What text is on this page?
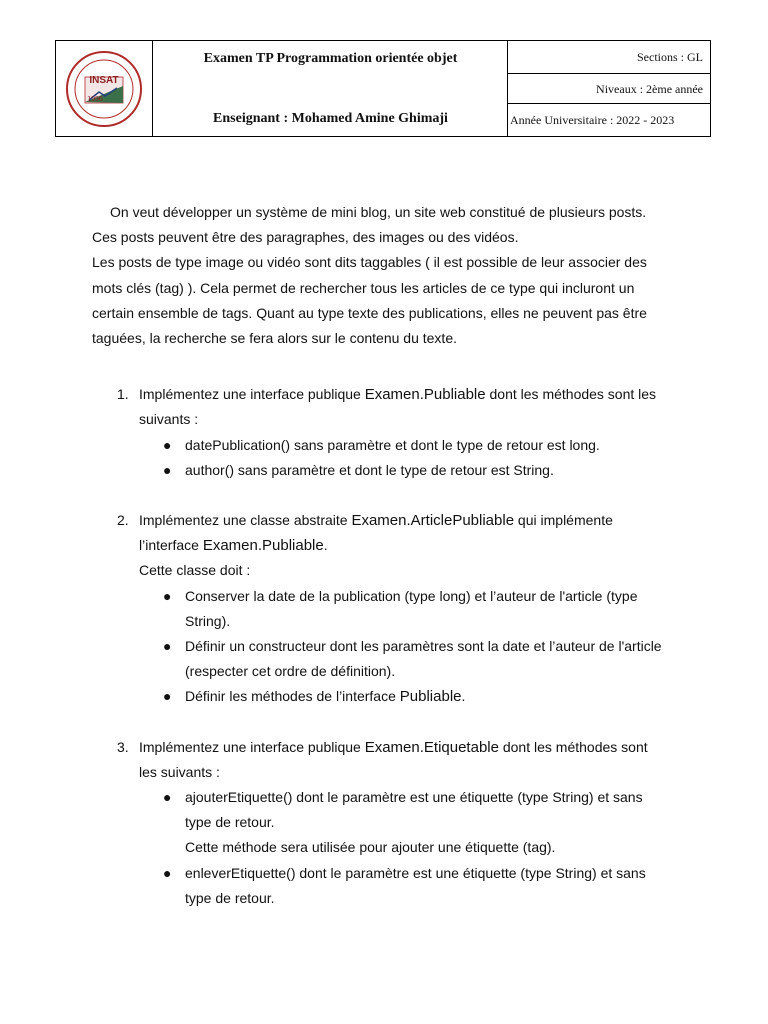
INSAT
1996
Examen TP Programmation orientée objet
Enseignant : Mohamed Amine Ghimaji
Sections : GL
Niveaux : 2ème année
Année Universitaire : 2022 - 2023

On veut développer un système de mini blog, un site web constitué de plusieurs posts.

Ces posts peuvent être des paragraphes, des images ou des vidéos.

Les posts de type image ou vidéo sont dits taggables ( il est possible de leur associer des

mots clés (tag) ). Cela permet de rechercher tous les articles de ce type qui incluront un

certain ensemble de tags. Quant au type texte des publications, elles ne peuvent pas être

taguées, la recherche se fera alors sur le contenu du texte.

1. Implémentez une interface publique Examen.Publiable dont les méthodes sont les

suivants :

● datePublication() sans paramètre et dont le type de retour est long.
● author() sans paramètre et dont le type de retour est String.
2. Implémentez une classe abstraite Examen.ArticlePubliable qui implémente

l’interface Examen.Publiable.

Cette classe doit :

● Conserver la date de la publication (type long) et l’auteur de l'article (type
String).
● Définir un constructeur dont les paramètres sont la date et l’auteur de l'article
(respecter cet ordre de définition).
● Définir les méthodes de l’interface Publiable.
3. Implémentez une interface publique Examen.Etiquetable dont les méthodes sont

les suivants :

● ajouterEtiquette() dont le paramètre est une étiquette (type String) et sans
type de retour.
Cette méthode sera utilisée pour ajouter une étiquette (tag).
● enleverEtiquette() dont le paramètre est une étiquette (type String) et sans
type de retour.
